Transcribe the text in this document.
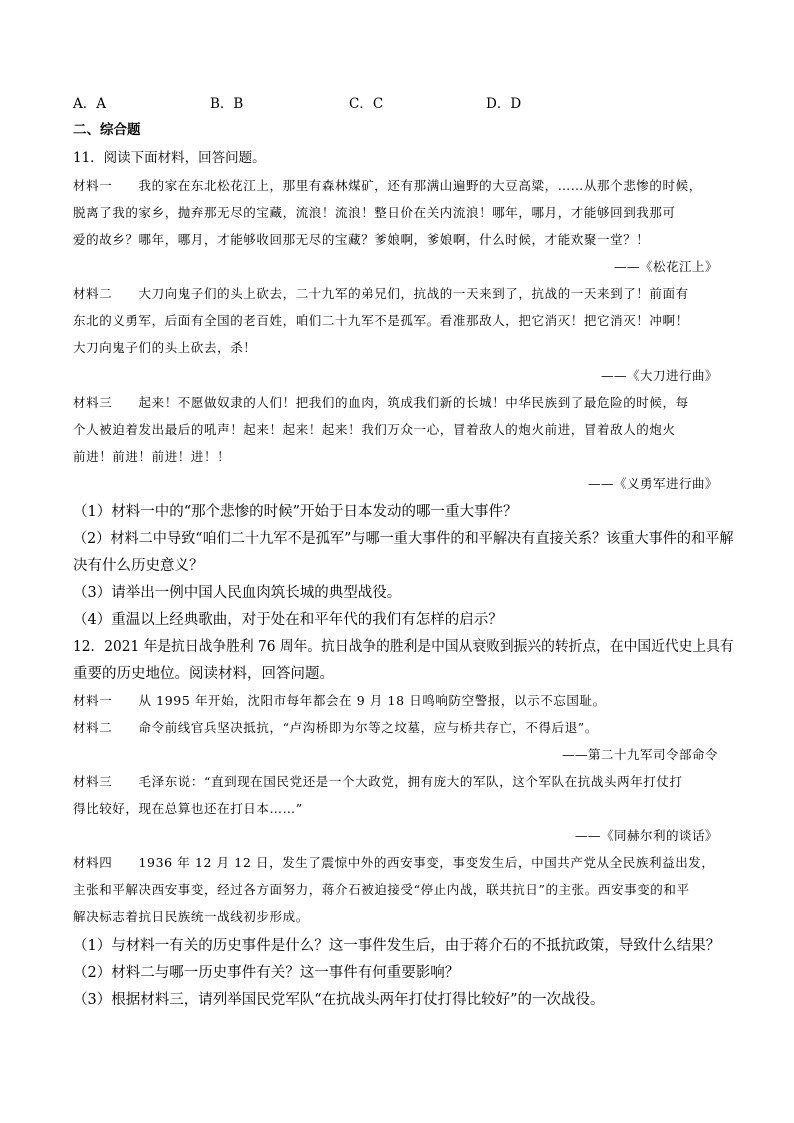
A．A	B．B	C．C	D．D
二、综合题
11．阅读下面材料，回答问题。
材料一　　我的家在东北松花江上，那里有森林煤矿，还有那满山遍野的大豆高粱，……从那个悲惨的时候，
脱离了我的家乡，抛弃那无尽的宝藏，流浪！流浪！整日价在关内流浪！哪年，哪月，才能够回到我那可
爱的故乡？哪年，哪月，才能够收回那无尽的宝藏？爹娘啊，爹娘啊，什么时候，才能欢聚一堂？！
——《松花江上》
材料二　　大刀向鬼子们的头上砍去，二十九军的弟兄们，抗战的一天来到了，抗战的一天来到了！前面有
东北的义勇军，后面有全国的老百姓，咱们二十九军不是孤军。看准那敌人，把它消灭！把它消灭！冲啊！
大刀向鬼子们的头上砍去，杀！
——《大刀进行曲》
材料三　　起来！不愿做奴隶的人们！把我们的血肉，筑成我们新的长城！中华民族到了最危险的时候，每
个人被迫着发出最后的吼声！起来！起来！起来！我们万众一心，冒着敌人的炮火前进，冒着敌人的炮火
前进！前进！前进！进！！
——《义勇军进行曲》
（1）材料一中的“那个悲惨的时候”开始于日本发动的哪一重大事件？
（2）材料二中导致“咱们二十九军不是孤军”与哪一重大事件的和平解决有直接关系？该重大事件的和平解
决有什么历史意义？
（3）请举出一例中国人民血肉筑长城的典型战役。
（4）重温以上经典歌曲，对于处在和平年代的我们有怎样的启示？
12．2021 年是抗日战争胜利 76 周年。抗日战争的胜利是中国从衰败到振兴的转折点，在中国近代史上具有
重要的历史地位。阅读材料，回答问题。
材料一　　从 1995 年开始，沈阳市每年都会在 9 月 18 日鸣响防空警报，以示不忘国耻。
材料二　　命令前线官兵坚决抵抗，“卢沟桥即为尔等之坟墓，应与桥共存亡，不得后退”。
——第二十九军司令部命令
材料三　　毛泽东说：“直到现在国民党还是一个大政党，拥有庞大的军队，这个军队在抗战头两年打仗打
得比较好，现在总算也还在打日本……”
——《同赫尔利的谈话》
材料四　　1936 年 12 月 12 日，发生了震惊中外的西安事变，事变发生后，中国共产党从全民族利益出发，
主张和平解决西安事变，经过各方面努力，蒋介石被迫接受“停止内战，联共抗日”的主张。西安事变的和平
解决标志着抗日民族统一战线初步形成。
（1）与材料一有关的历史事件是什么？这一事件发生后，由于蒋介石的不抵抗政策，导致什么结果？
（2）材料二与哪一历史事件有关？这一事件有何重要影响？
（3）根据材料三，请列举国民党军队“在抗战头两年打仗打得比较好”的一次战役。
